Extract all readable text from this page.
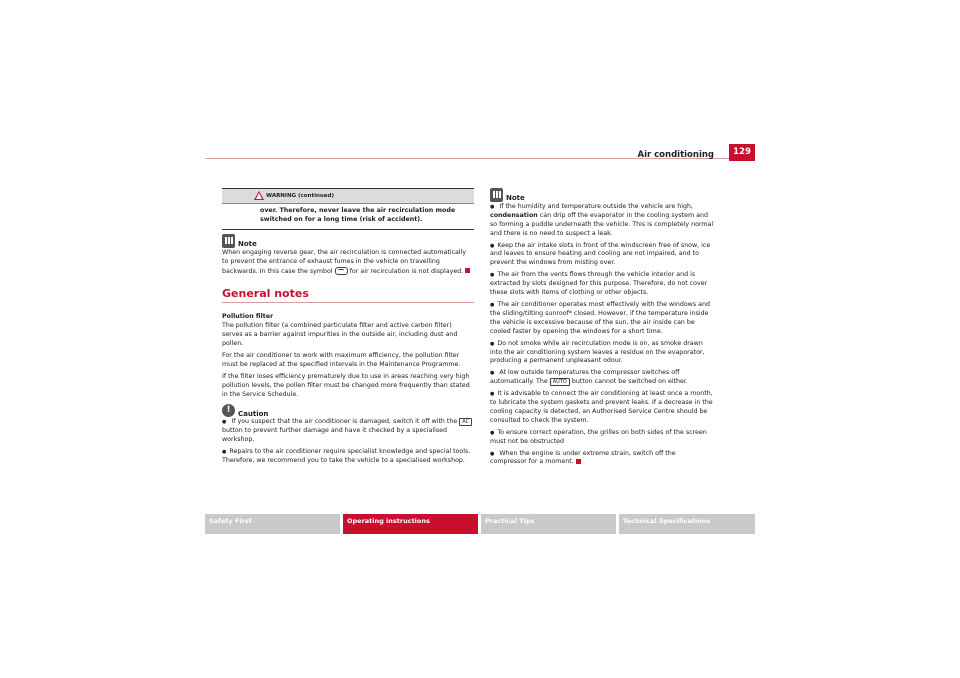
Air conditioning	129
WARNING (continued)
over. Therefore, never leave the air recirculation mode switched on for a long time (risk of accident).
Note

When engaging reverse gear, the air recirculation is connected automatically to prevent the entrance of exhaust fumes in the vehicle on travelling backwards. In this case the symbol	for air recirculation is not displayed.

General notes
Pollution filter

The pollution filter (a combined particulate filter and active carbon filter) serves as a barrier against impurities in the outside air, including dust and pollen.

For the air conditioner to work with maximum efficiency, the pollution filter must be replaced at the specified intervals in the Maintenance Programme.

If the filter loses efficiency prematurely due to use in areas reaching very high pollution levels, the pollen filter must be changed more frequently than stated in the Service Schedule.

!	Caution

● If you suspect that the air conditioner is damaged, switch it off with the AC button to prevent further damage and have it checked by a specialised workshop.

● Repairs to the air conditioner require specialist knowledge and special tools. Therefore, we recommend you to take the vehicle to a specialised workshop.

Note

● If the humidity and temperature outside the vehicle are high, condensation can drip off the evaporator in the cooling system and so forming a puddle underneath the vehicle. This is completely normal and there is no need to suspect a leak.

● Keep the air intake slots in front of the windscreen free of snow, ice and leaves to ensure heating and cooling are not impaired, and to prevent the windows from misting over.

● The air from the vents flows through the vehicle interior and is extracted by slots designed for this purpose. Therefore, do not cover these slots with items of clothing or other objects.

● The air conditioner operates most effectively with the windows and the sliding/tilting sunroof* closed. However, if the temperature inside the vehicle is excessive because of the sun, the air inside can be cooled faster by opening the windows for a short time.

● Do not smoke while air recirculation mode is on, as smoke drawn into the air conditioning system leaves a residue on the evaporator, producing a permanent unpleasant odour.

● At low outside temperatures the compressor switches off automatically. The AUTO button cannot be switched on either.

● It is advisable to connect the air conditioning at least once a month, to lubricate the system gaskets and prevent leaks. If a decrease in the cooling capacity is detected, an Authorised Service Centre should be consulted to check the system.

● To ensure correct operation, the grilles on both sides of the screen must not be obstructed

● When the engine is under extreme strain, switch off the compressor for a moment.

Safety First	Operating instructions	Practical Tips	Technical Specifications
